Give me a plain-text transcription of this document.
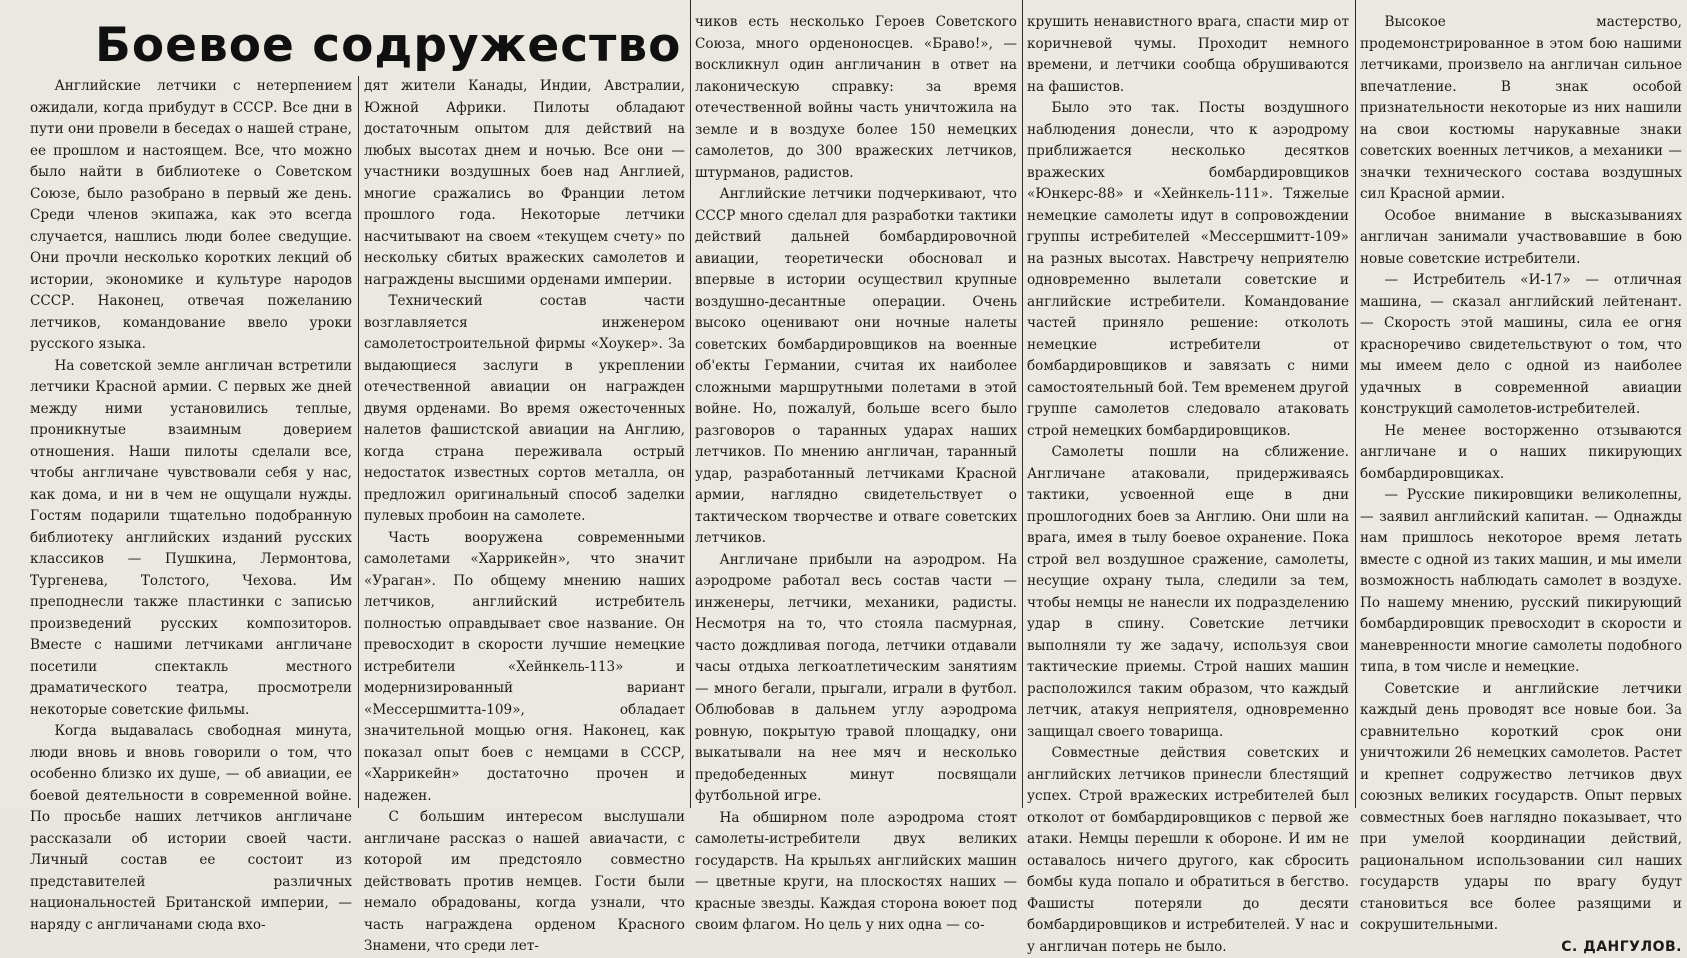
Боевое содружество

Английские летчики с нетерпением ожидали, когда прибудут в СССР. Все дни в пути они провели в беседах о нашей стране, ее прошлом и настоящем. Все, что можно было найти в библиотеке о Советском Союзе, было разобрано в первый же день. Среди членов экипажа, как это всегда случается, нашлись люди более сведущие. Они прочли несколько коротких лекций об истории, экономике и культуре народов СССР. Наконец, отвечая пожеланию летчиков, командование ввело уроки русского языка.

На советской земле англичан встретили летчики Красной армии. С первых же дней между ними установились теплые, проникнутые взаимным доверием отношения. Наши пилоты сделали все, чтобы англичане чувствовали себя у нас, как дома, и ни в чем не ощущали нужды. Гостям подарили тщательно подобранную библиотеку английских изданий русских классиков — Пушкина, Лермонтова, Тургенева, Толстого, Чехова. Им преподнесли также пластинки с записью произведений русских композиторов. Вместе с нашими летчиками англичане посетили спектакль местного драматического театра, просмотрели некоторые советские фильмы.

Когда выдавалась свободная минута, люди вновь и вновь говорили о том, что особенно близко их душе, — об авиации, ее боевой деятельности в современной войне. По просьбе наших летчиков англичане рассказали об истории своей части. Личный состав ее состоит из представителей различных национальностей Британской империи, — наряду с англичанами сюда вхо-

дят жители Канады, Индии, Австралии, Южной Африки. Пилоты обладают достаточным опытом для действий на любых высотах днем и ночью. Все они — участники воздушных боев над Англией, многие сражались во Франции летом прошлого года. Некоторые летчики насчитывают на своем «текущем счету» по нескольку сбитых вражеских самолетов и награждены высшими орденами империи.

Технический состав части возглавляется инженером самолетостроительной фирмы «Хоукер». За выдающиеся заслуги в укреплении отечественной авиации он награжден двумя орденами. Во время ожесточенных налетов фашистской авиации на Англию, когда страна переживала острый недостаток известных сортов металла, он предложил оригинальный способ заделки пулевых пробоин на самолете.

Часть вооружена современными самолетами «Харрикейн», что значит «Ураган». По общему мнению наших летчиков, английский истребитель полностью оправдывает свое название. Он превосходит в скорости лучшие немецкие истребители «Хейнкель-113» и модернизированный вариант «Мессершмитта-109», обладает значительной мощью огня. Наконец, как показал опыт боев с немцами в СССР, «Харрикейн» достаточно прочен и надежен.

С большим интересом выслушали англичане рассказ о нашей авиачасти, с которой им предстояло совместно действовать против немцев. Гости были немало обрадованы, когда узнали, что часть награждена орденом Красного Знамени, что среди лет-

чиков есть несколько Героев Советского Союза, много орденоносцев. «Браво!», — воскликнул один англичанин в ответ на лаконическую справку: за время отечественной войны часть уничтожила на земле и в воздухе более 150 немецких самолетов, до 300 вражеских летчиков, штурманов, радистов.

Английские летчики подчеркивают, что СССР много сделал для разработки тактики действий дальней бомбардировочной авиации, теоретически обосновал и впервые в истории осуществил крупные воздушно-десантные операции. Очень высоко оценивают они ночные налеты советских бомбардировщиков на военные об'екты Германии, считая их наиболее сложными маршрутными полетами в этой войне. Но, пожалуй, больше всего было разговоров о таранных ударах наших летчиков. По мнению англичан, таранный удар, разработанный летчиками Красной армии, наглядно свидетельствует о тактическом творчестве и отваге советских летчиков.

Англичане прибыли на аэродром. На аэродроме работал весь состав части — инженеры, летчики, механики, радисты. Несмотря на то, что стояла пасмурная, часто дождливая погода, летчики отдавали часы отдыха легкоатлетическим занятиям — много бегали, прыгали, играли в футбол. Облюбовав в дальнем углу аэродрома ровную, покрытую травой площадку, они выкатывали на нее мяч и несколько предобеденных минут посвящали футбольной игре.

На обширном поле аэродрома стоят самолеты-истребители двух великих государств. На крыльях английских машин — цветные круги, на плоскостях наших — красные звезды. Каждая сторона воюет под своим флагом. Но цель у них одна — со-

крушить ненавистного врага, спасти мир от коричневой чумы. Проходит немного времени, и летчики сообща обрушиваются на фашистов.

Было это так. Посты воздушного наблюдения донесли, что к аэродрому приближается несколько десятков вражеских бомбардировщиков «Юнкерс-88» и «Хейнкель-111». Тяжелые немецкие самолеты идут в сопровождении группы истребителей «Мессершмитт-109» на разных высотах. Навстречу неприятелю одновременно вылетали советские и английские истребители. Командование частей приняло решение: отколоть немецкие истребители от бомбардировщиков и завязать с ними самостоятельный бой. Тем временем другой группе самолетов следовало атаковать строй немецких бомбардировщиков.

Самолеты пошли на сближение. Англичане атаковали, придерживаясь тактики, усвоенной еще в дни прошлогодних боев за Англию. Они шли на врага, имея в тылу боевое охранение. Пока строй вел воздушное сражение, самолеты, несущие охрану тыла, следили за тем, чтобы немцы не нанесли их подразделению удар в спину. Советские летчики выполняли ту же задачу, используя свои тактические приемы. Строй наших машин расположился таким образом, что каждый летчик, атакуя неприятеля, одновременно защищал своего товарища.

Совместные действия советских и английских летчиков принесли блестящий успех. Строй вражеских истребителей был отколот от бомбардировщиков с первой же атаки. Немцы перешли к обороне. И им не оставалось ничего другого, как сбросить бомбы куда попало и обратиться в бегство. Фашисты потеряли до десяти бомбардировщиков и истребителей. У нас и у англичан потерь не было.

Высокое мастерство, продемонстрированное в этом бою нашими летчиками, произвело на англичан сильное впечатление. В знак особой признательности некоторые из них нашили на свои костюмы нарукавные знаки советских военных летчиков, а механики — значки технического состава воздушных сил Красной армии.

Особое внимание в высказываниях англичан занимали участвовавшие в бою новые советские истребители.

— Истребитель «И-17» — отличная машина, — сказал английский лейтенант. — Скорость этой машины, сила ее огня красноречиво свидетельствуют о том, что мы имеем дело с одной из наиболее удачных в современной авиации конструкций самолетов-истребителей.

Не менее восторженно отзываются англичане и о наших пикирующих бомбардировщиках.

— Русские пикировщики великолепны, — заявил английский капитан. — Однажды нам пришлось некоторое время летать вместе с одной из таких машин, и мы имели возможность наблюдать самолет в воздухе. По нашему мнению, русский пикирующий бомбардировщик превосходит в скорости и маневренности многие самолеты подобного типа, в том числе и немецкие.

Советские и английские летчики каждый день проводят все новые бои. За сравнительно короткий срок они уничтожили 26 немецких самолетов. Растет и крепнет содружество летчиков двух союзных великих государств. Опыт первых совместных боев наглядно показывает, что при умелой координации действий, рациональном использовании сил наших государств удары по врагу будут становиться все более разящими и сокрушительными.

С. ДАНГУЛОВ.
